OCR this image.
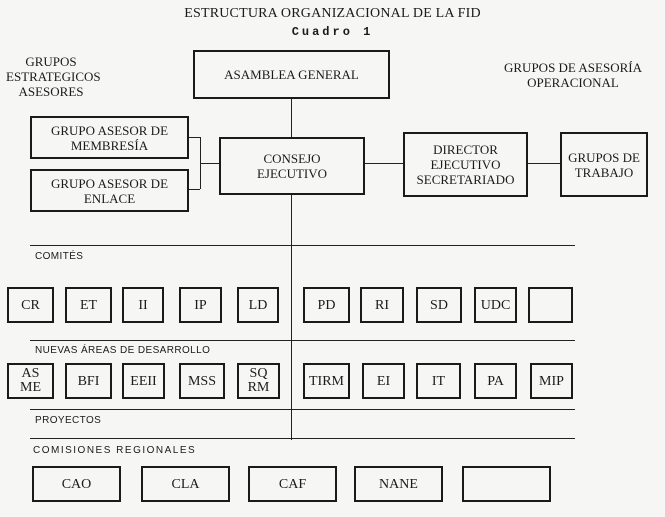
ESTRUCTURA ORGANIZACIONAL DE LA FID
Cuadro 1
GRUPOS ESTRATEGICOS ASESORES
GRUPOS DE ASESORÍA OPERACIONAL
ASAMBLEA GENERAL
CONSEJO EJECUTIVO
GRUPO ASESOR DE MEMBRESÍA
GRUPO ASESOR DE ENLACE
DIRECTOR EJECUTIVO SECRETARIADO
GRUPOS DE TRABAJO
COMITÉS
NUEVAS ÁREAS DE DESARROLLO
PROYECTOS
COMISIONES REGIONALES
CR	ET	II	IP	LD	PD	RI	SD UDC
ASME	BFI EEII MSS	SQRM	TIRM EI	IT	PA	MIP
CAO	CLA	CAF	NANE
